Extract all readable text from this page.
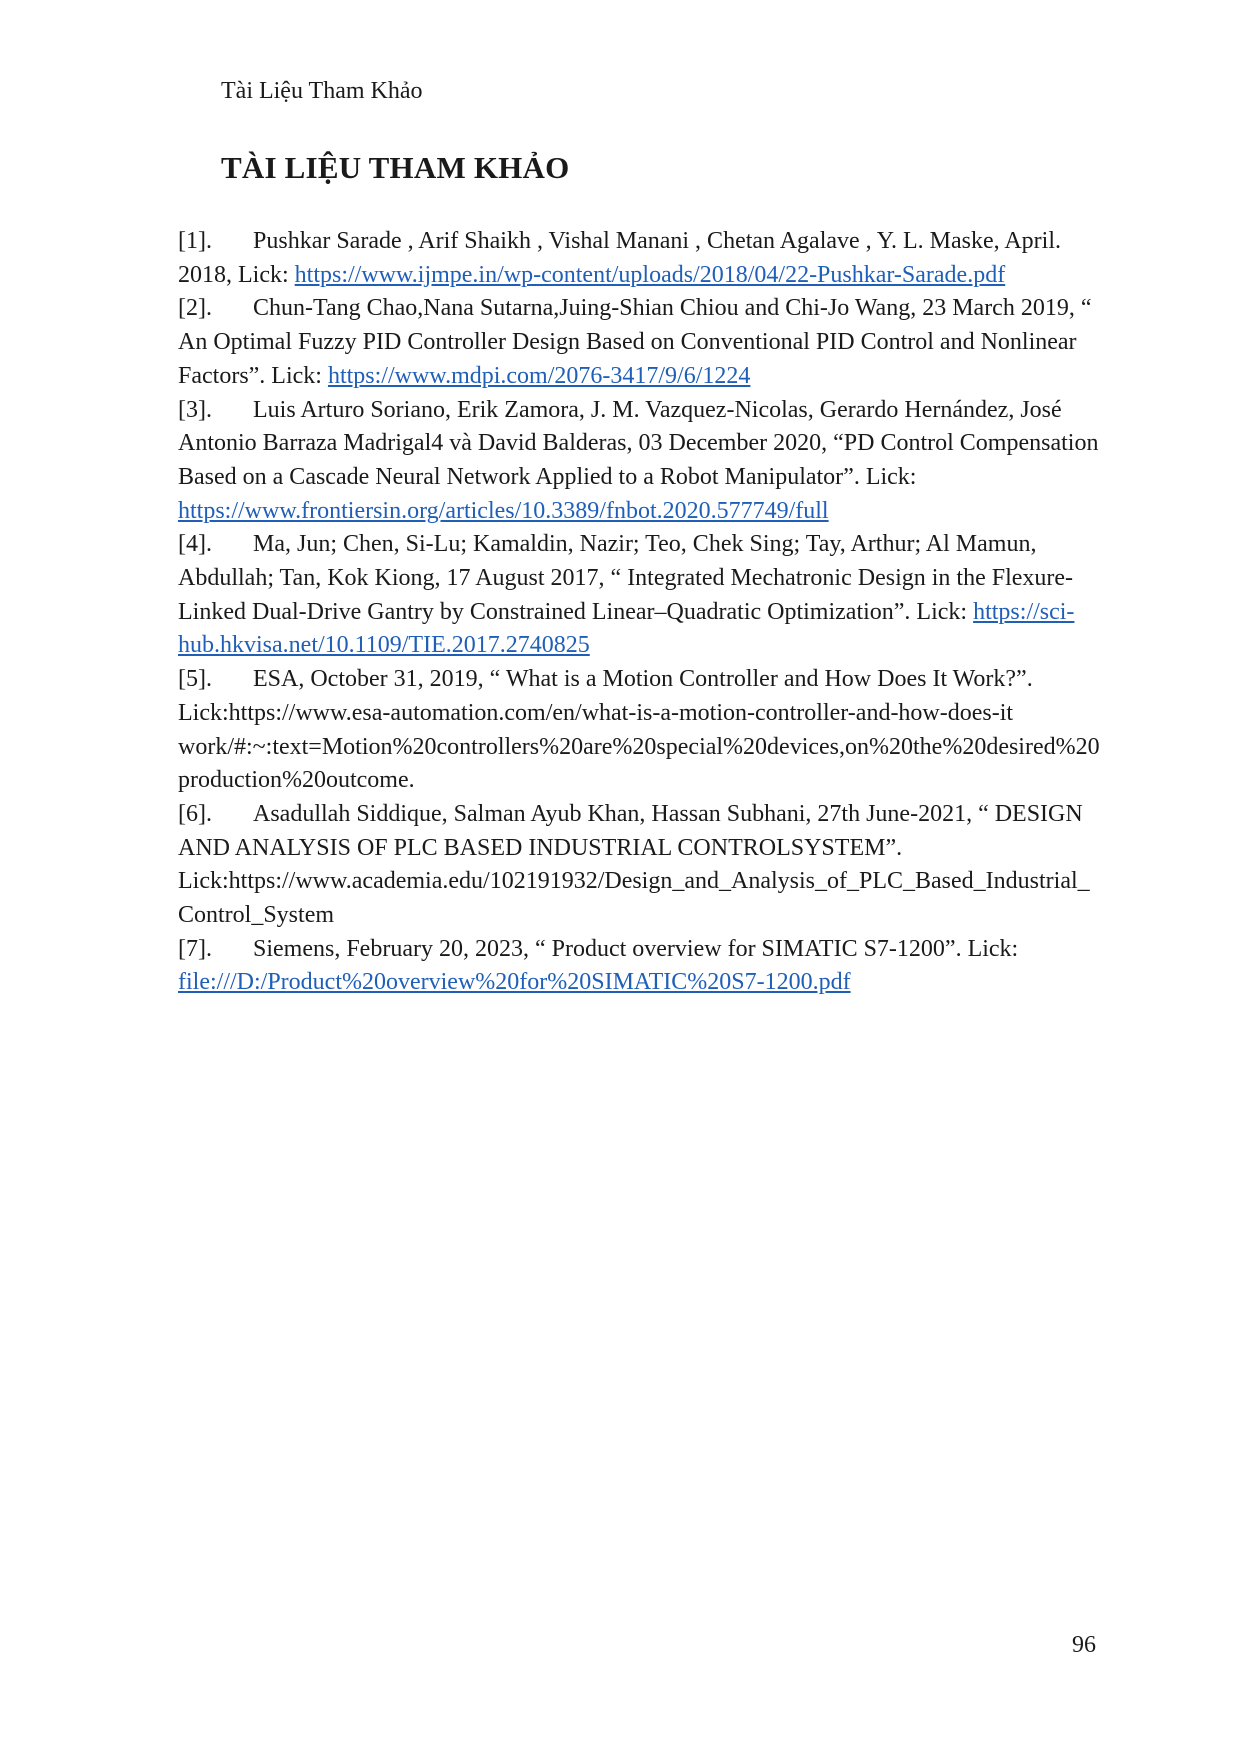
Tài Liệu Tham Khảo
TÀI LIỆU THAM KHẢO

[1]. Pushkar Sarade , Arif Shaikh , Vishal Manani , Chetan Agalave , Y. L. Maske, April. 2018, Lick: https://www.ijmpe.in/wp-content/uploads/2018/04/22-Pushkar-Sarade.pdf

[2]. Chun-Tang Chao,Nana Sutarna,Juing-Shian Chiou and Chi-Jo Wang, 23 March 2019, “ An Optimal Fuzzy PID Controller Design Based on Conventional PID Control and Nonlinear Factors”. Lick: https://www.mdpi.com/2076-3417/9/6/1224

[3]. Luis Arturo Soriano, Erik Zamora, J. M. Vazquez-Nicolas, Gerardo Hernández, José Antonio Barraza Madrigal4 và David Balderas, 03 December 2020, “PD Control Compensation Based on a Cascade Neural Network Applied to a Robot Manipulator”. Lick: https://www.frontiersin.org/articles/10.3389/fnbot.2020.577749/full

[4]. Ma, Jun; Chen, Si-Lu; Kamaldin, Nazir; Teo, Chek Sing; Tay, Arthur; Al Mamun, Abdullah; Tan, Kok Kiong, 17 August 2017, “ Integrated Mechatronic Design in the Flexure-Linked Dual-Drive Gantry by Constrained Linear–Quadratic Optimization”. Lick: https://sci-hub.hkvisa.net/10.1109/TIE.2017.2740825

[5]. ESA, October 31, 2019, “ What is a Motion Controller and How Does It Work?”. Lick:https://www.esa-automation.com/en/what-is-a-motion-controller-and-how-does-it work/#:~:text=Motion%20controllers%20are%20special%20devices,on%20the%20desired%20production%20outcome.

[6]. Asadullah Siddique, Salman Ayub Khan, Hassan Subhani, 27th June-2021, “ DESIGN AND ANALYSIS OF PLC BASED INDUSTRIAL CONTROLSYSTEM”. Lick:https://www.academia.edu/102191932/Design_and_Analysis_of_PLC_Based_Industrial_Control_System

[7]. Siemens, February 20, 2023, “ Product overview for SIMATIC S7-1200”. Lick: file:///D:/Product%20overview%20for%20SIMATIC%20S7-1200.pdf

96
